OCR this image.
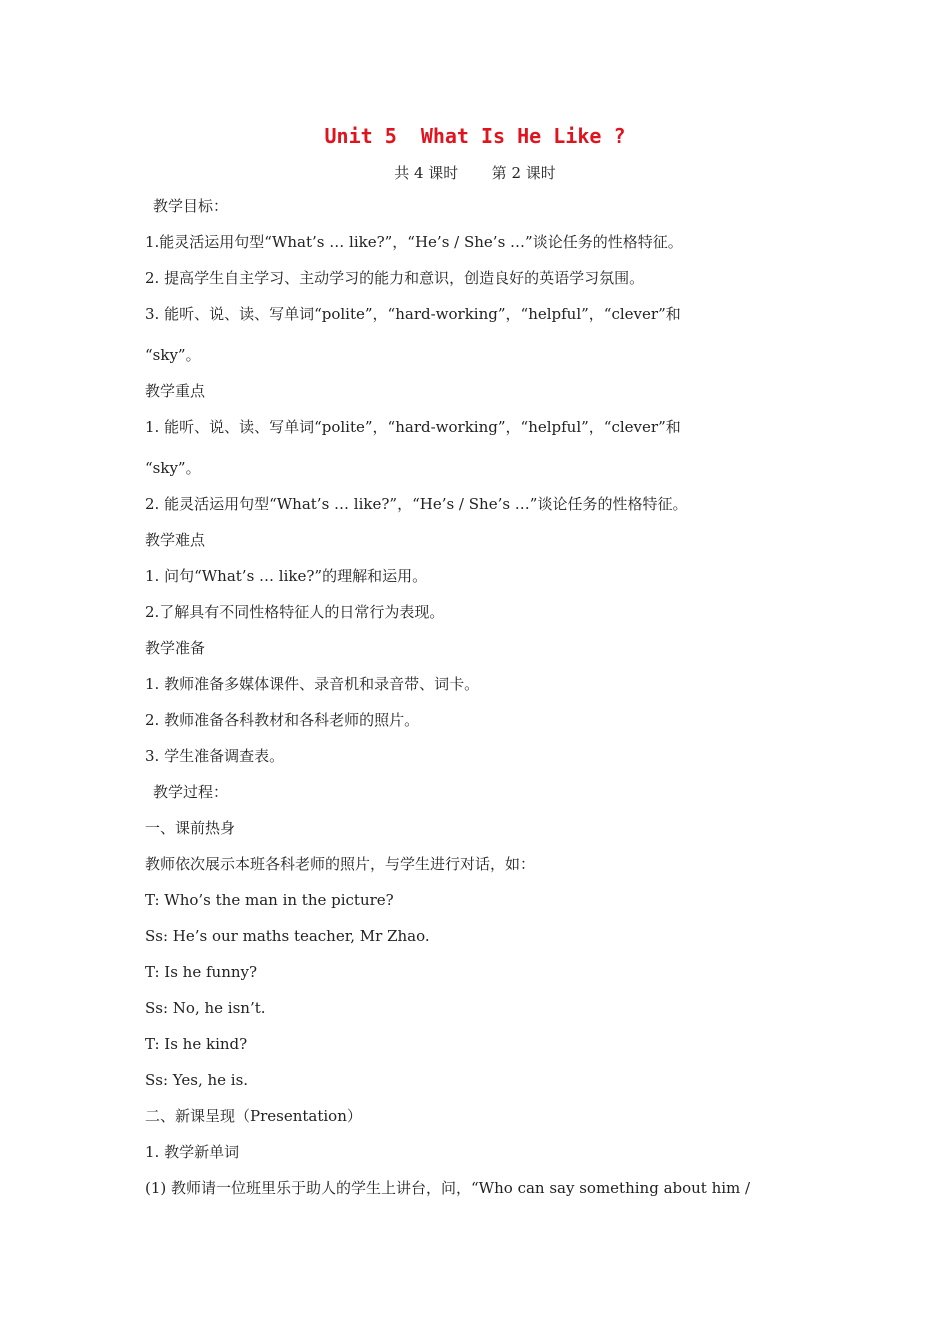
Unit 5  What Is He Like ?
共 4 课时       第 2 课时
教学目标：
1.能灵活运用句型“What’s … like?”，“He’s / She’s …”谈论任务的性格特征。
2. 提高学生自主学习、主动学习的能力和意识，创造良好的英语学习氛围。
3. 能听、说、读、写单词“polite”，“hard-working”，“helpful”，“clever”和
“sky”。
教学重点
1. 能听、说、读、写单词“polite”，“hard-working”，“helpful”，“clever”和
“sky”。
2. 能灵活运用句型“What’s … like?”，“He’s / She’s …”谈论任务的性格特征。
教学难点
1. 问句“What’s … like?”的理解和运用。
2.了解具有不同性格特征人的日常行为表现。
教学准备
1. 教师准备多媒体课件、录音机和录音带、词卡。
2. 教师准备各科教材和各科老师的照片。
3. 学生准备调查表。
教学过程：
一、课前热身
教师依次展示本班各科老师的照片，与学生进行对话，如：
T: Who’s the man in the picture?
Ss: He’s our maths teacher, Mr Zhao.
T: Is he funny?
Ss: No, he isn’t.
T: Is he kind?
Ss: Yes, he is.
二、新课呈现（Presentation）
1. 教学新单词
(1) 教师请一位班里乐于助人的学生上讲台，问，“Who can say something about him /
